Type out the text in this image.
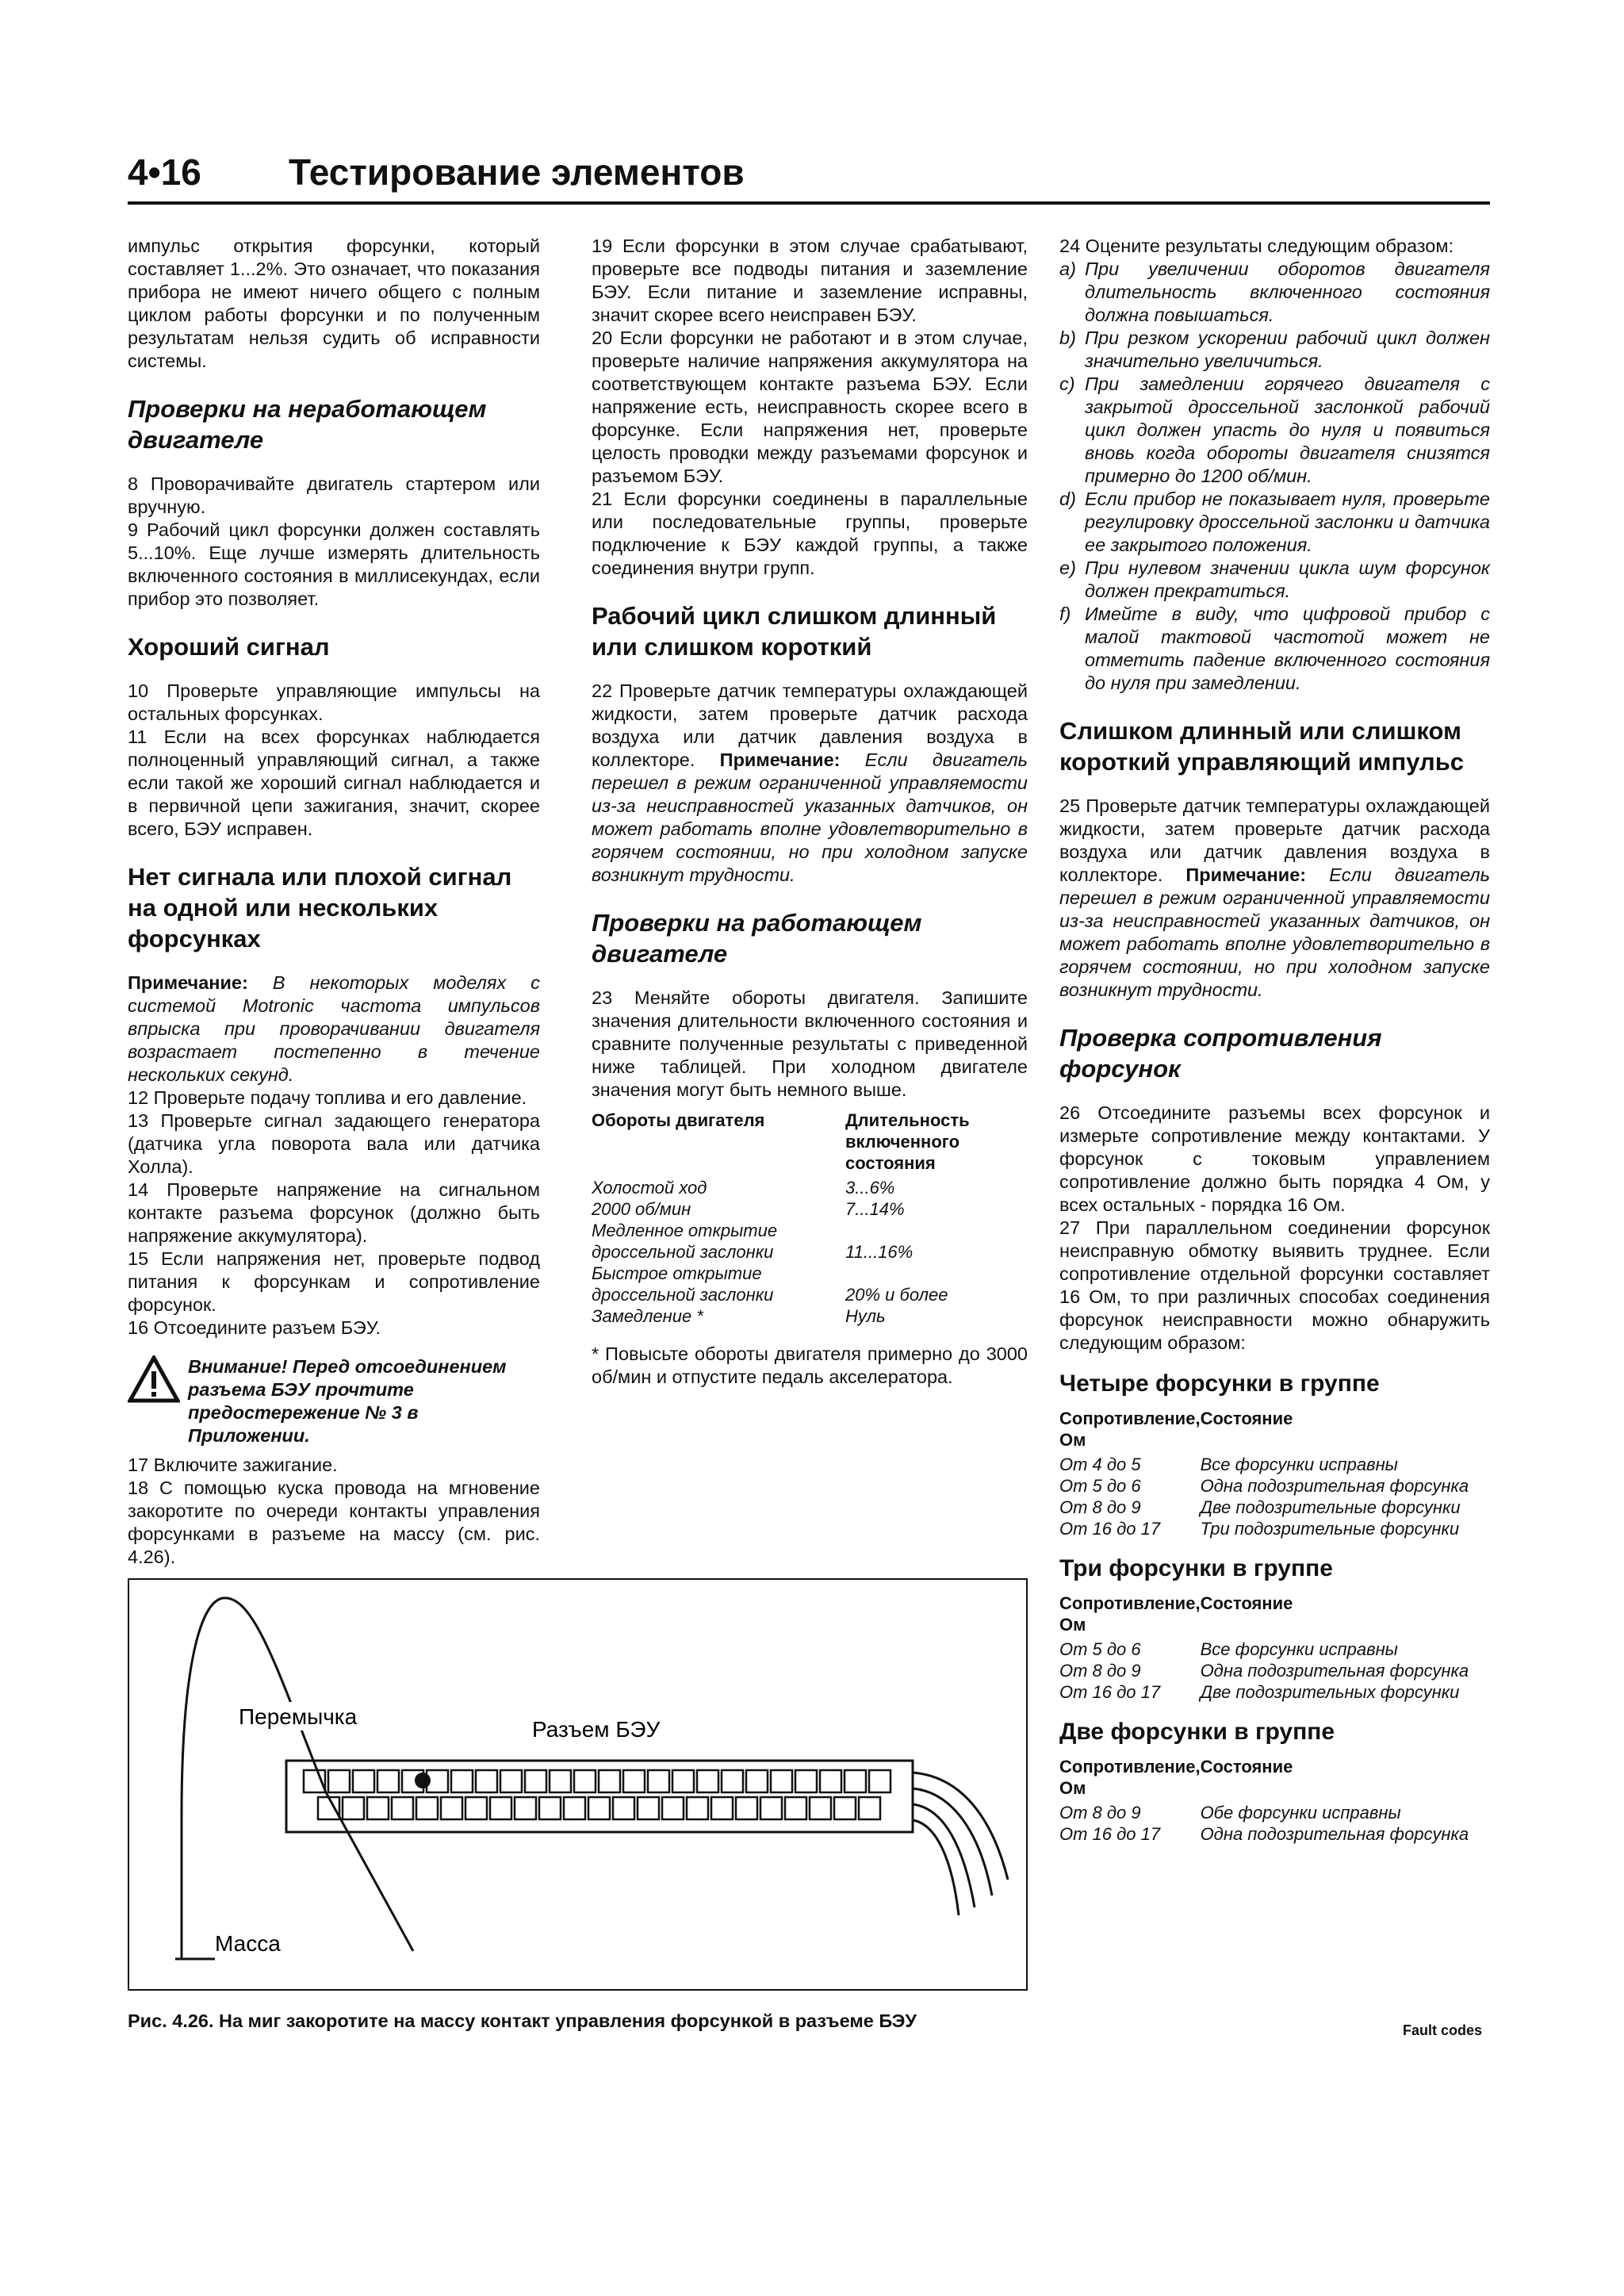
4•16 Тестирование элементов

импульс открытия форсунки, который составляет 1...2%. Это означает, что показания прибора не имеют ничего общего с полным циклом работы форсунки и по полученным результатам нельзя судить об исправности системы.

Проверки на неработающем двигателе

8 Проворачивайте двигатель стартером или вручную.

9 Рабочий цикл форсунки должен составлять 5...10%. Еще лучше измерять длительность включенного состояния в миллисекундах, если прибор это позволяет.

Хороший сигнал

10 Проверьте управляющие импульсы на остальных форсунках.

11 Если на всех форсунках наблюдается полноценный управляющий сигнал, а также если такой же хороший сигнал наблюдается и в первичной цепи зажигания, значит, скорее всего, БЭУ исправен.

Нет сигнала или плохой сигнал на одной или нескольких форсунках

Примечание: В некоторых моделях с системой Motronic частота импульсов впрыска при проворачивании двигателя возрастает постепенно в течение нескольких секунд.

12 Проверьте подачу топлива и его давление.

13 Проверьте сигнал задающего генератора (датчика угла поворота вала или датчика Холла).

14 Проверьте напряжение на сигнальном контакте разъема форсунок (должно быть напряжение аккумулятора).

15 Если напряжения нет, проверьте подвод питания к форсункам и сопротивление форсунок.

16 Отсоедините разъем БЭУ.

Внимание! Перед отсоединением разъема БЭУ прочтите предостережение № 3 в Приложении.

17 Включите зажигание.

18 С помощью куска провода на мгновение закоротите по очереди контакты управления форсунками в разъеме на массу (см. рис. 4.26).

19 Если форсунки в этом случае срабатывают, проверьте все подводы питания и заземление БЭУ. Если питание и заземление исправны, значит скорее всего неисправен БЭУ.

20 Если форсунки не работают и в этом случае, проверьте наличие напряжения аккумулятора на соответствующем контакте разъема БЭУ. Если напряжение есть, неисправность скорее всего в форсунке. Если напряжения нет, проверьте целость проводки между разъемами форсунок и разъемом БЭУ.

21 Если форсунки соединены в параллельные или последовательные группы, проверьте подключение к БЭУ каждой группы, а также соединения внутри групп.

Рабочий цикл слишком длинный или слишком короткий

22 Проверьте датчик температуры охлаждающей жидкости, затем проверьте датчик расхода воздуха или датчик давления воздуха в коллекторе. Примечание: Если двигатель перешел в режим ограниченной управляемости из-за неисправностей указанных датчиков, он может работать вполне удовлетворительно в горячем состоянии, но при холодном запуске возникнут трудности.

Проверки на работающем двигателе

23 Меняйте обороты двигателя. Запишите значения длительности включенного состояния и сравните полученные результаты с приведенной ниже таблицей. При холодном двигателе значения могут быть немного выше.

Обороты двигателя	Длительность включенного состояния
Холостой ход	3...6%
2000 об/мин	7...14%
Медленное открытие	
дроссельной заслонки	11...16%
Быстрое открытие	
дроссельной заслонки	20% и более
Замедление *	Нуль

* Повысьте обороты двигателя примерно до 3000 об/мин и отпустите педаль акселератора.

24 Оцените результаты следующим образом:

a) При увеличении оборотов двигателя длительность включенного состояния должна повышаться.
b) При резком ускорении рабочий цикл должен значительно увеличиться.
c) При замедлении горячего двигателя с закрытой дроссельной заслонкой рабочий цикл должен упасть до нуля и появиться вновь когда обороты двигателя снизятся примерно до 1200 об/мин.
d) Если прибор не показывает нуля, проверьте регулировку дроссельной заслонки и датчика ее закрытого положения.
e) При нулевом значении цикла шум форсунок должен прекратиться.
f) Имейте в виду, что цифровой прибор с малой тактовой частотой может не отметить падение включенного состояния до нуля при замедлении.
Слишком длинный или слишком короткий управляющий импульс

25 Проверьте датчик температуры охлаждающей жидкости, затем проверьте датчик расхода воздуха или датчик давления воздуха в коллекторе. Примечание: Если двигатель перешел в режим ограниченной управляемости из-за неисправностей указанных датчиков, он может работать вполне удовлетворительно в горячем состоянии, но при холодном запуске возникнут трудности.

Проверка сопротивления форсунок

26 Отсоедините разъемы всех форсунок и измерьте сопротивление между контактами. У форсунок с токовым управлением сопротивление должно быть порядка 4 Ом, у всех остальных - порядка 16 Ом.

27 При параллельном соединении форсунок неисправную обмотку выявить труднее. Если сопротивление отдельной форсунки составляет 16 Ом, то при различных способах соединения форсунок неисправности можно обнаружить следующим образом:

Четыре форсунки в группе
Сопротивление,
Ом	Состояние
От 4 до 5	Все форсунки исправны
От 5 до 6	Одна подозрительная форсунка
От 8 до 9	Две подозрительные форсунки
От 16 до 17	Три подозрительные форсунки
Три форсунки в группе
Сопротивление,
Ом	Состояние
От 5 до 6	Все форсунки исправны
От 8 до 9	Одна подозрительная форсунка
От 16 до 17	Две подозрительных форсунки
Две форсунки в группе
Сопротивление,
Ом	Состояние
От 8 до 9	Обе форсунки исправны
От 16 до 17	Одна подозрительная форсунка
Перемычка
Разъем БЭУ
Масса
Рис. 4.26. На миг закоротите на массу контакт управления форсункой в разъеме БЭУ	Fault codes
